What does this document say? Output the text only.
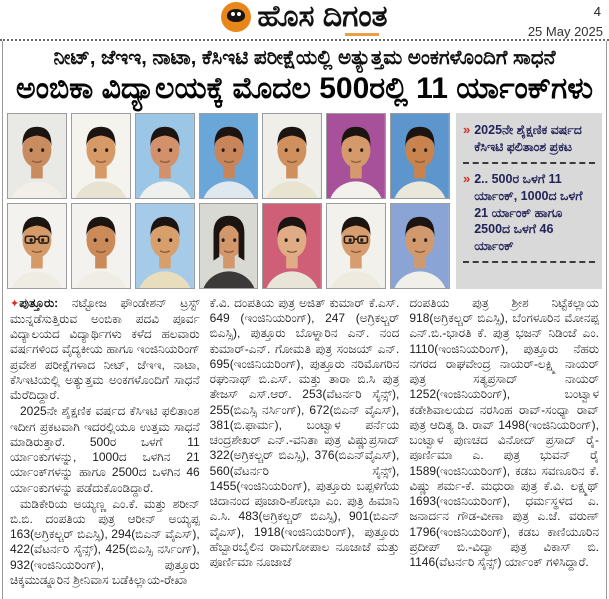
ಹೊಸ ದಿಗಂತ	4
25 May 2025
ನೀಟ್, ಜೆಇಇ, ನಾಟಾ, ಕೆಸಿಇಟಿ ಪರೀಕ್ಷೆಯಲ್ಲಿ ಅತ್ಯುತ್ತಮ ಅಂಕಗಳೊಂದಿಗೆ ಸಾಧನೆ
ಅಂಬಿಕಾ ವಿದ್ಯಾಲಯಕ್ಕೆ ಮೊದಲ 500ರಲ್ಲಿ 11 ರ್ಯಾಂಕ್‌ಗಳು
» 2025ನೇ ಶೈಕ್ಷಣಿಕ ವರ್ಷದ ಕೆಸಿಇಟಿ ಫಲಿತಾಂಶ ಪ್ರಕಟ
» 2.. 500ರ ಒಳಗೆ 11 ರ್ಯಾಂಕ್, 1000ದ ಒಳಗೆ 21 ರ್ಯಾಂಕ್ ಹಾಗೂ 2500ದ ಒಳಗೆ 46 ರ್ಯಾಂಕ್

✦ಪುತ್ತೂರು: ನಟ್ಟೋಜ ಫೌಂಡೇಶನ್ ಟ್ರಸ್ಟ್ ಮುನ್ನಡೆಸುತ್ತಿರುವ ಅಂಬಿಕಾ ಪದವಿ ಪೂರ್ವ ವಿದ್ಯಾಲಯದ ವಿದ್ಯಾರ್ಥಿಗಳು ಕಳೆದ ಹಲವಾರು ವರ್ಷಗಳಿಂದ ವೈದ್ಯಕೀಯ ಹಾಗೂ ಇಂಜಿನಿಯರಿಂಗ್ ಪ್ರವೇಶ ಪರೀಕ್ಷೆಗಳಾದ ನೀಟ್, ಜೆಇಇ, ನಾಟಾ, ಕೆಸಿಇಟಿಯಲ್ಲಿ ಅತ್ಯುತ್ತಮ ಅಂಕಗಳೊಂದಿಗೆ ಸಾಧನೆ ಮೆರೆದಿದ್ದಾರೆ.

2025ನೇ ಶೈಕ್ಷಣಿಕ ವರ್ಷದ ಕೆಸಿಇಟಿ ಫಲಿತಾಂಶ ಇದೀಗ ಪ್ರಕಟವಾಗಿ ಇದರಲ್ಲಿಯೂ ಉತ್ತಮ ಸಾಧನೆ ಮಾಡಿರುತ್ತಾರೆ. 500ರ ಒಳಗೆ 11 ರ್ಯಾಂಕುಗಳನ್ನು, 1000ದ ಒಳಗಿನ 21 ರ್ಯಾಂಕ್‌ಗಳನ್ನು ಹಾಗೂ 2500ದ ಒಳಗಿನ 46 ರ್ಯಾಂಕುಗಳನ್ನು ಪಡೆದುಕೊಂಡಿದ್ದಾರೆ.

ಮಡಿಕೇರಿಯ ಅಯ್ಯಣ್ಣ ಎಂ.ಕೆ. ಮತ್ತು ಶರೀನ್ ಬಿ.ಬಿ. ದಂಪತಿಯ ಪುತ್ರ ಆರೀನ್ ಅಯ್ಯಪ್ಪ 163(ಅಗ್ರಿಕಲ್ಚರ್ ಬಿಎಸ್ಸಿ), 294(ಬಿಎನ್ ವೈಎಸ್), 422(ವೆಟರ್ನರಿ ಸೈನ್ಸ್), 425(ಬಿಎಸ್ಸಿ ನರ್ಸಿಂಗ್), 932(ಇಂಜಿನಿಯರಿಂಗ್), ಪುತ್ತೂರು ಚಿಕ್ಕಮುಡ್ನೂರಿನ ಶ್ರೀನಿವಾಸ ಬಡೆಕಿಲ್ಲಾಯ-ರೇಖಾ

ಕೆ.ವಿ. ದಂಪತಿಯ ಪುತ್ರ ಅಜಿತ್ ಕುಮಾರ್ ಕೆ.ಎಸ್. 649 (ಇಂಜಿನಿಯರಿಂಗ್), 247 (ಅಗ್ರಿಕಲ್ಚರ್ ಬಿಎಸ್ಸಿ), ಪುತ್ತೂರು ಬೊಳ್ನಾರಿನ ಎನ್. ನಂದ ಕುಮಾರ್-ಎನ್. ಗೋಮತಿ ಪುತ್ರ ಸಂಜಯ್ ಎನ್. 695(ಇಂಜಿನಿಯರಿಂಗ್), ಪುತ್ತೂರು ನರಿಮೊಗರಿನ ರಘುನಾಥ್ ಬಿ.ಎಸ್. ಮತ್ತು ತಾರಾ ಬಿ.ಸಿ ಪುತ್ರ ತೇಜಸ್ ಎಸ್.ಆರ್. 253(ವೆಟರ್ನರಿ ಸೈನ್ಸ್), 255(ಬಿಎಸ್ಸಿ ನರ್ಸಿಂಗ್), 672(ಬಿಎನ್ ವೈಎಸ್), 381(ಬಿ.ಫಾರ್ಮ), ಬಂಟ್ವಾಳ ಪರ್ನೆಯ ಚಂದ್ರಶೇಖರ್ ಎನ್.-ವನಿತಾ ಪುತ್ರ ವಿಷ್ಣುಪ್ರಸಾದ್ 322(ಅಗ್ರಿಕಲ್ಚರ್ ಬಿಎಸ್ಸಿ), 376(ಬಿಎನ್‌ವೈಎಸ್), 560(ವೆಟರ್ನರಿ ಸೈನ್ಸ್), 1455(ಇಂಜಿನಿಯರಿಂಗ್), ಪುತ್ತೂರು ಬಪ್ಪಳಿಗೆಯ ಚಿದಾನಂದ ಪೂಜಾರಿ-ಶೋಭಾ ಎಂ. ಪುತ್ರಿ ಹಿಮಾನಿ ಎ.ಸಿ. 483(ಅಗ್ರಿಕಲ್ಚರ್ ಬಿಎಸ್ಸಿ), 901(ಬಿಎನ್ ವೈಎಸ್), 1918(ಇಂಜಿನಿಯರಿಂಗ್), ಪುತ್ತೂರು ಹೆಬ್ಬಾರಬೈಲಿನ ರಾಮಗೋಪಾಲ ನೂಜಾಜೆ ಮತ್ತು ಪೂರ್ಣಿಮಾ ನೂಜಾಜೆ

ದಂಪತಿಯ ಪುತ್ರ ಶ್ರೀಶ ನಿಟ್ಟೆಕಲ್ಲಾಯ 918(ಅಗ್ರಿಕಲ್ಚರ್ ಬಿಎಸ್ಸಿ), ಬೆಂಗಳೂರಿನ ಮೋನಪ್ಪ ಎನ್.ಬಿ.-ಭಾರತಿ ಕೆ. ಪುತ್ರ ಭಜನ್ ನಿಡಿಂಜೆ ಎಂ. 1110(ಇಂಜಿನಿಯರಿಂಗ್), ಪುತ್ತೂರು ನೆಹರು ನಗರದ ರಾಘವೇಂದ್ರ ನಾಯರ್-ಲಕ್ಷ್ಮಿ ನಾಯರ್ ಪುತ್ರ ಸತ್ಯಪ್ರಸಾದ್ ನಾಯರ್ 1252(ಇಂಜಿನಿಯರಿಂಗ್), ಬಂಟ್ವಾಳ ಕಡೇಶಿವಾಲಯದ ನರಸಿಂಹ ರಾವ್-ಸಂಧ್ಯಾ ರಾವ್ ಪುತ್ರ ಆದಿತ್ಯ ಡಿ. ರಾವ್ 1498(ಇಂಜಿನಿಯರಿಂಗ್), ಬಂಟ್ವಾಳ ಪುಣಚದ ವಿನೋದ್ ಪ್ರಸಾದ್ ರೈ-ಪೂರ್ಣಿಮಾ ಎ. ಪುತ್ರ ಭುವನ್ ರೈ 1589(ಇಂಜಿನಿಯರಿಂಗ್), ಕಡಬ ಸವಣೂರಿನ ಕೆ. ವಿಷ್ಣು ಶರ್ಮ-ಕೆ. ಮಧುರಾ ಪುತ್ರ ಕೆ.ವಿ. ಲಕ್ಷ್ಮಥ್ 1693(ಇಂಜಿನಿಯರಿಂಗ್), ಧರ್ಮಸ್ಥಳದ ಎ. ಜನಾರ್ದನ ಗೌಡ-ವೀಣಾ ಪುತ್ರ ಎ.ಜೆ. ವರುಣ್ 1796(ಇಂಜಿನಿಯರಿಂಗ್), ಕಡಬ ಕಾಣಿಯೂರಿನ ಪ್ರದೀಪ್ ಬಿ.-ವಿದ್ಯಾ ಪುತ್ರ ವಿಕಾಸ್ ಬಿ. 1146(ವೆಟರ್ನರಿ ಸೈನ್ಸ್) ರ್ಯಾಂಕ್ ಗಳಿಸಿದ್ದಾರೆ.
